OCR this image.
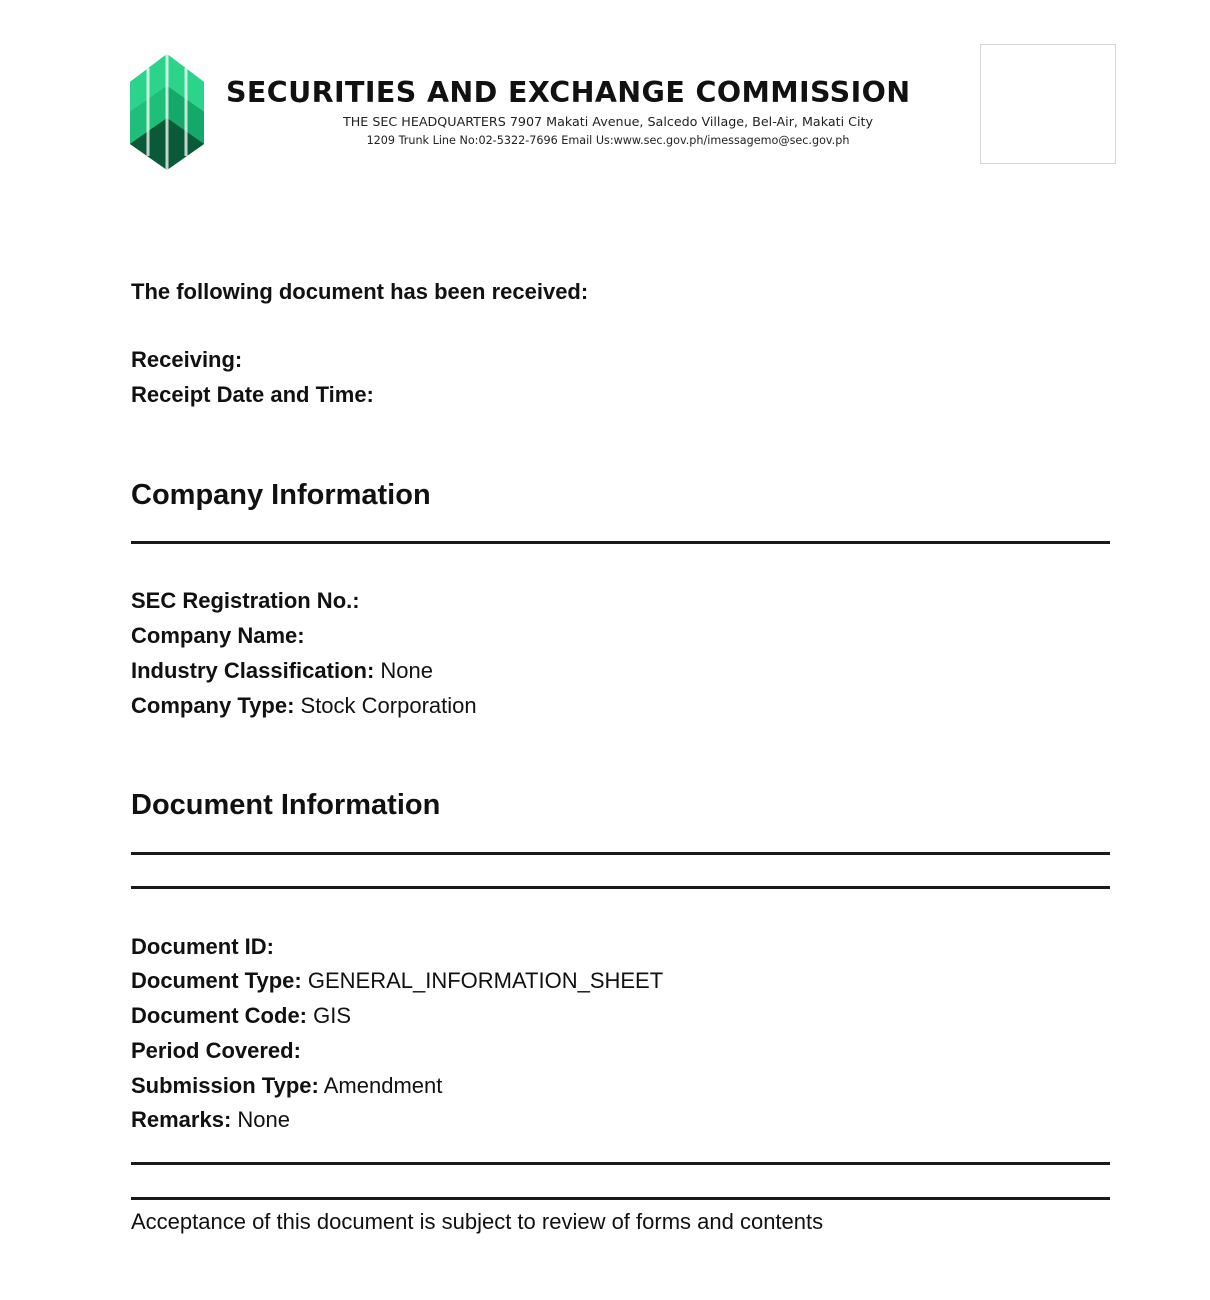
SECURITIES AND EXCHANGE COMMISSION
THE SEC HEADQUARTERS 7907 Makati Avenue, Salcedo Village, Bel-Air, Makati City
1209 Trunk Line No:02-5322-7696 Email Us:www.sec.gov.ph/imessagemo@sec.gov.ph
The following document has been received:
Receiving:
Receipt Date and Time:
Company Information
SEC Registration No.:
Company Name:
Industry Classification: None
Company Type: Stock Corporation
Document Information
Document ID:
Document Type: GENERAL_INFORMATION_SHEET
Document Code: GIS
Period Covered:
Submission Type: Amendment
Remarks: None
Acceptance of this document is subject to review of forms and contents
